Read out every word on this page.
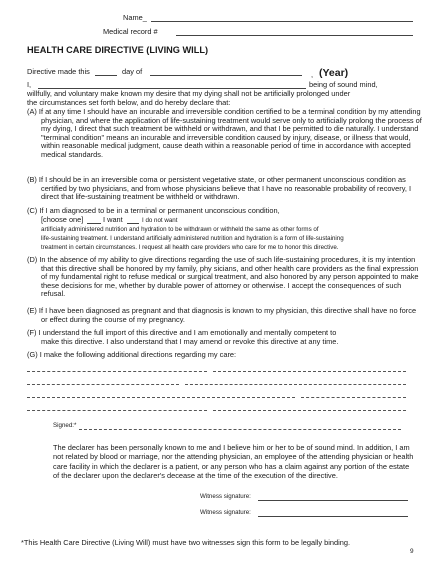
Name_
Medical record #
HEALTH CARE DIRECTIVE (LIVING WILL)
Directive made this	day of	, (Year)
I,	being of sound mind,
willfully, and voluntary make known my desire that my dying shall not be artificially prolonged under
the circumstances set forth below, and do hereby declare that:
(A) If at any time I should have an incurable and irreversible condition certified to be a terminal condition by my attending physician, and where the application of life-sustaining treatment would serve only to artificially prolong the process of my dying, I direct that such treatment be withheld or withdrawn, and that I be permitted to die naturally. I understand "terminal condition" means an incurable and irreversible condition caused by injury, disease, or illness that would, within reasonable medical judgment, cause death within a reasonable period of time in accordance with accepted medical standards.
(B) If I should be in an irreversible coma or persistent vegetative state, or other permanent unconscious condition as certified by two physicians, and from whose physicians believe that I have no reasonable probability of recovery, I direct that life-sustaining treatment be withheld or withdrawn.
(C) If I am diagnosed to be in a terminal or permanent unconscious condition,
[choose one]	I want	I do not want
artificially administered nutrition and hydration to be withdrawn or withheld the same as other forms of
life-sustaining treatment. I understand artificially administered nutrition and hydration is a form of life-sustaining
treatment in certain circumstances. I request all health care providers who care for me to honor this directive.
(D) In the absence of my ability to give directions regarding the use of such life-sustaining procedures, it is my intention that this directive shall be honored by my family, phy sicians, and other health care providers as the final expression of my fundamental right to refuse medical or surgical treatment, and also honored by any person appointed to make these decisions for me, whether by durable power of attorney or otherwise. I accept the consequences of such refusal.
(E) If I have been diagnosed as pregnant and that diagnosis is known to my physician, this directive shall have no force or effect during the course of my pregnancy.
(F) I understand the full import of this directive and I am emotionally and mentally competent to
make this directive. I also understand that I may amend or revoke this directive at any time.
(G) I make the following additional directions regarding my care:
Signed:*
The declarer has been personally known to me and I believe him or her to be of sound mind. In addition, I am not related by blood or marriage, nor the attending physician, an employee of the attending physician or health care facility in which the declarer is a patient, or any person who has a claim against any portion of the estate of the declarer upon the declarer's decease at the time of the execution of the directive.
Witness signature:
Witness signature:
*This Health Care Directive (Living Will) must have two witnesses sign this form to be legally binding.
9
